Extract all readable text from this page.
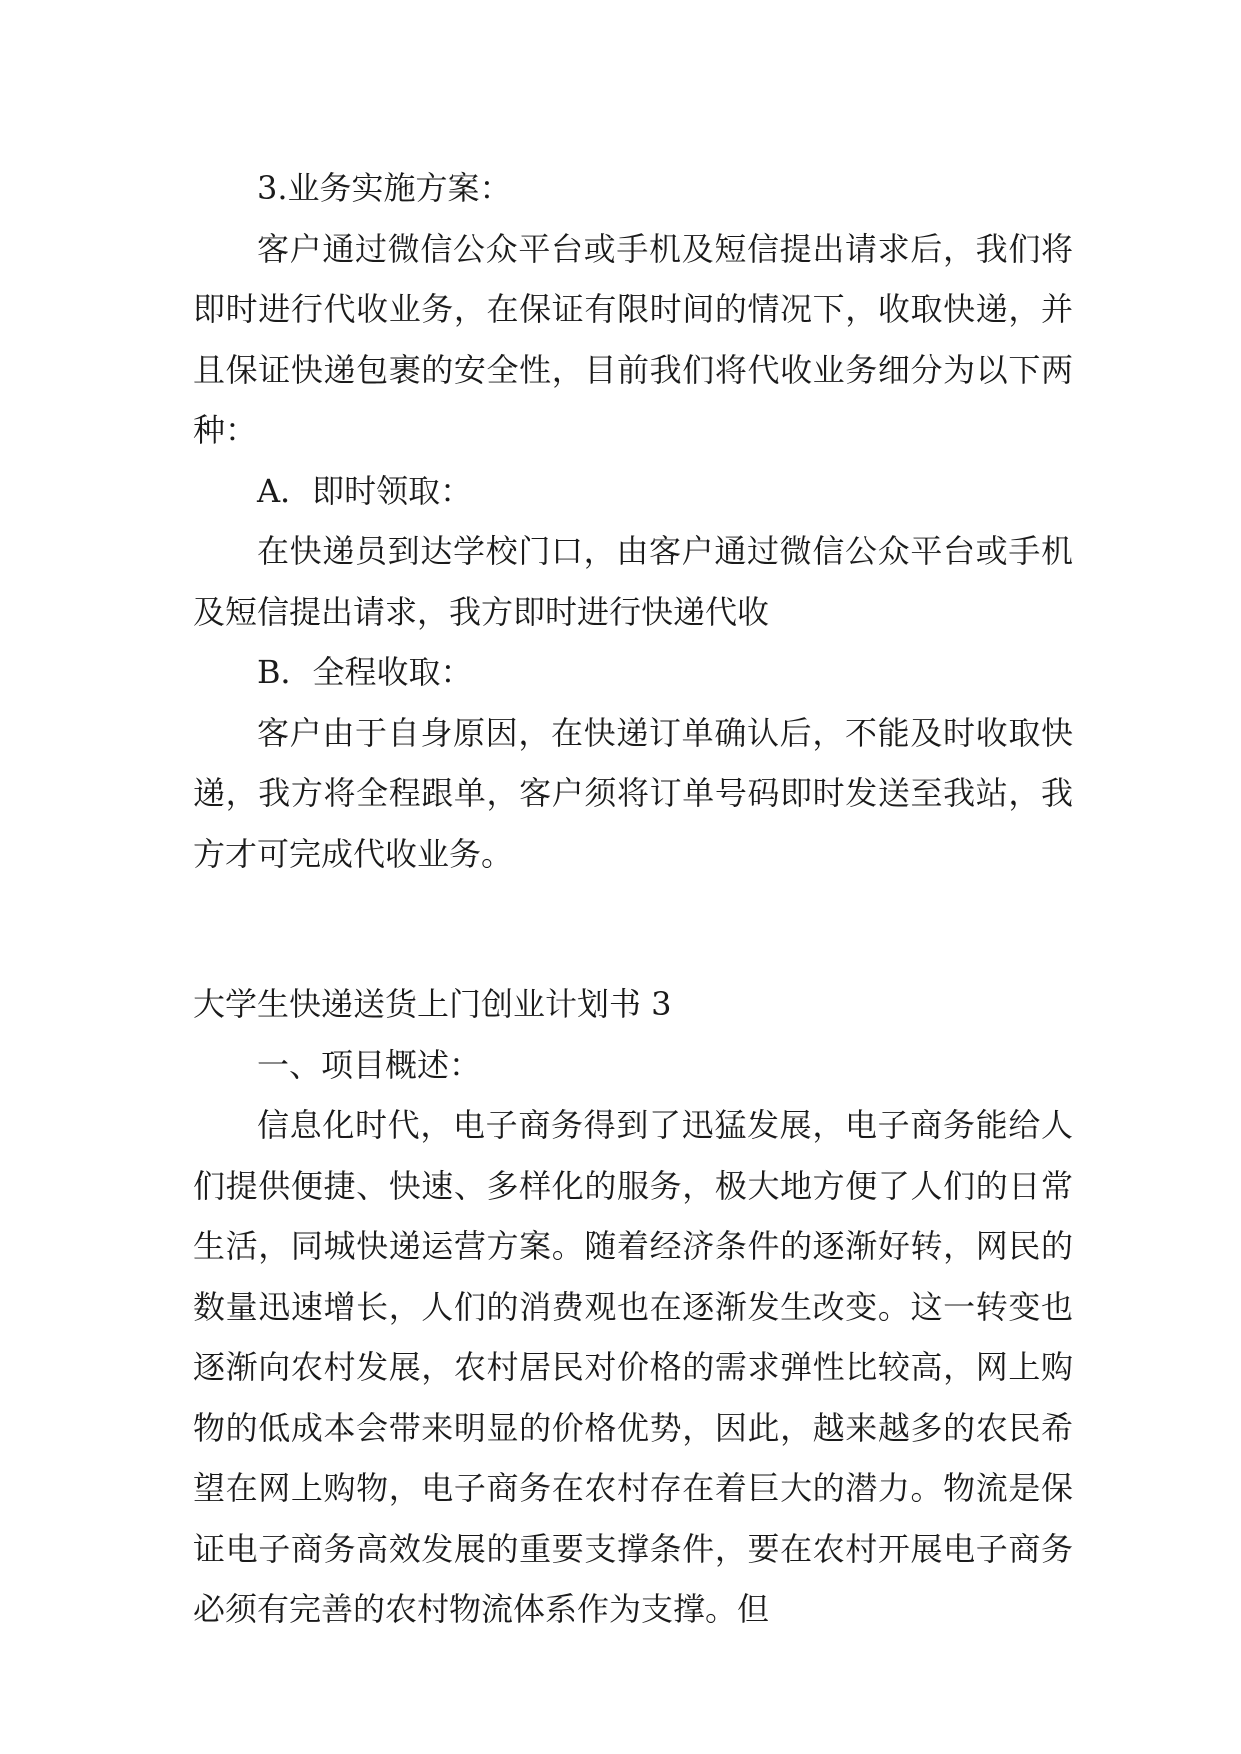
3.业务实施方案：

客户通过微信公众平台或手机及短信提出请求后，我们将即时进行代收业务，在保证有限时间的情况下，收取快递，并且保证快递包裹的安全性，目前我们将代收业务细分为以下两种：

A．即时领取：

在快递员到达学校门口，由客户通过微信公众平台或手机及短信提出请求，我方即时进行快递代收

B．全程收取：

客户由于自身原因，在快递订单确认后，不能及时收取快递，我方将全程跟单，客户须将订单号码即时发送至我站，我方才可完成代收业务。

大学生快递送货上门创业计划书 3

一、项目概述：

信息化时代，电子商务得到了迅猛发展，电子商务能给人们提供便捷、快速、多样化的服务，极大地方便了人们的日常生活，同城快递运营方案。随着经济条件的逐渐好转，网民的数量迅速增长，人们的消费观也在逐渐发生改变。这一转变也逐渐向农村发展，农村居民对价格的需求弹性比较高，网上购物的低成本会带来明显的价格优势，因此，越来越多的农民希望在网上购物，电子商务在农村存在着巨大的潜力。物流是保证电子商务高效发展的重要支撑条件，要在农村开展电子商务必须有完善的农村物流体系作为支撑。但
